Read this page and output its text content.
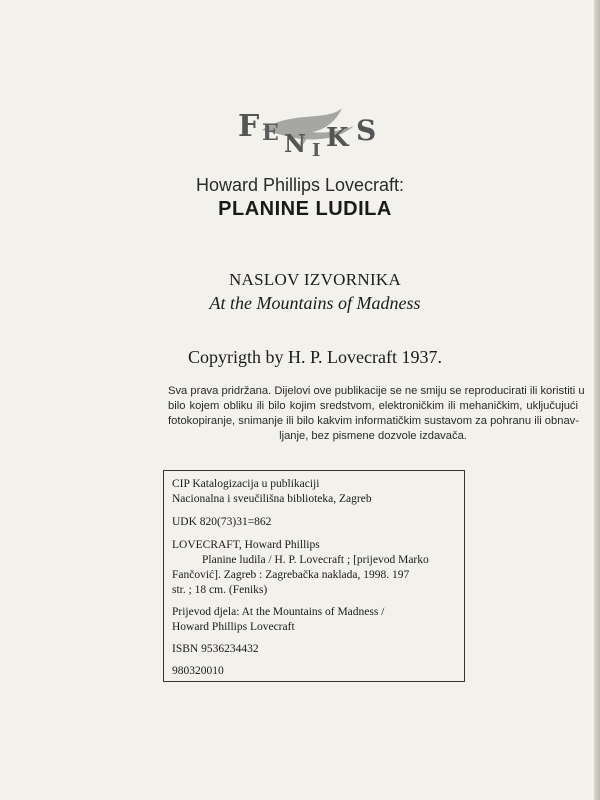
F E N I K S
Howard Phillips Lovecraft:
PLANINE LUDILA
NASLOV IZVORNIKA
At the Mountains of Madness
Copyrigth by H. P. Lovecraft 1937.
Sva prava pridržana. Dijelovi ove publikacije se ne smiju se reproducirati ili koristiti u
bilo kojem obliku ili bilo kojim sredstvom, elektroničkim ili mehaničkim, uključujući
fotokopiranje, snimanje ili bilo kakvim informatičkim sustavom za pohranu ili obnav-
ljanje, bez pismene dozvole izdavača.
CIP Katalogizacija u publikaciji
Nacionalna i sveučilišna biblioteka, Zagreb
UDK 820(73)31=862
LOVECRAFT, Howard Phillips
Planine ludila / H. P. Lovecraft ; [prijevod Marko
Fančović]. Zagreb : Zagrebačka naklada, 1998. 197
str. ; 18 cm. (Feniks)
Prijevod djela: At the Mountains of Madness /
Howard Phillips Lovecraft
ISBN 9536234432
980320010
